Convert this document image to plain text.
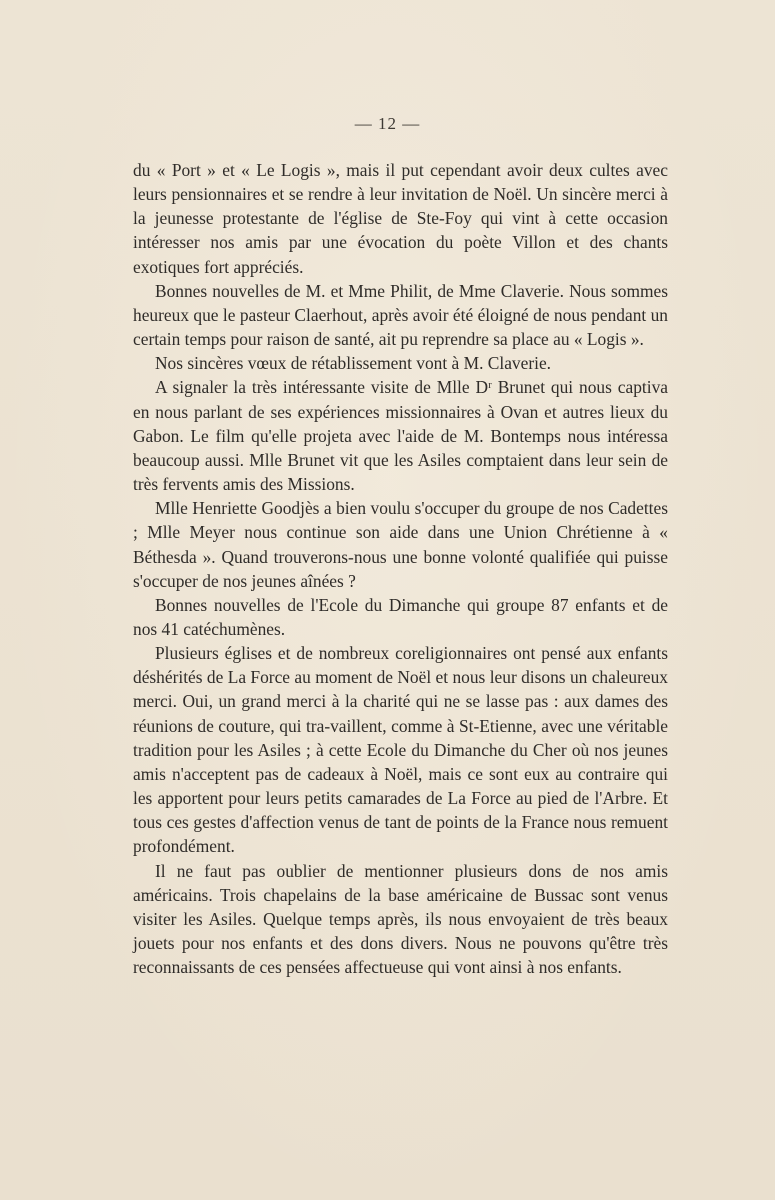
— 12 —

du « Port » et « Le Logis », mais il put cependant avoir deux cultes avec leurs pensionnaires et se rendre à leur invitation de Noël. Un sincère merci à la jeunesse protestante de l'église de Ste-Foy qui vint à cette occasion intéresser nos amis par une évocation du poète Villon et des chants exotiques fort appréciés.

Bonnes nouvelles de M. et Mme Philit, de Mme Claverie. Nous sommes heureux que le pasteur Claerhout, après avoir été éloigné de nous pendant un certain temps pour raison de santé, ait pu reprendre sa place au « Logis ».

Nos sincères vœux de rétablissement vont à M. Claverie.

A signaler la très intéressante visite de Mlle Dʳ Brunet qui nous captiva en nous parlant de ses expériences missionnaires à Ovan et autres lieux du Gabon. Le film qu'elle projeta avec l'aide de M. Bontemps nous intéressa beaucoup aussi. Mlle Brunet vit que les Asiles comptaient dans leur sein de très fervents amis des Missions.

Mlle Henriette Goodjès a bien voulu s'occuper du groupe de nos Cadettes ; Mlle Meyer nous continue son aide dans une Union Chrétienne à « Béthesda ». Quand trouverons-nous une bonne volonté qualifiée qui puisse s'occuper de nos jeunes aînées ?

Bonnes nouvelles de l'Ecole du Dimanche qui groupe 87 enfants et de nos 41 catéchumènes.

Plusieurs églises et de nombreux coreligionnaires ont pensé aux enfants déshérités de La Force au moment de Noël et nous leur disons un chaleureux merci. Oui, un grand merci à la charité qui ne se lasse pas : aux dames des réunions de couture, qui tra-vaillent, comme à St-Etienne, avec une véritable tradition pour les Asiles ; à cette Ecole du Dimanche du Cher où nos jeunes amis n'acceptent pas de cadeaux à Noël, mais ce sont eux au contraire qui les apportent pour leurs petits camarades de La Force au pied de l'Arbre. Et tous ces gestes d'affection venus de tant de points de la France nous remuent profondément.

Il ne faut pas oublier de mentionner plusieurs dons de nos amis américains. Trois chapelains de la base américaine de Bussac sont venus visiter les Asiles. Quelque temps après, ils nous envoyaient de très beaux jouets pour nos enfants et des dons divers. Nous ne pouvons qu'être très reconnaissants de ces pensées affectueuse qui vont ainsi à nos enfants.
